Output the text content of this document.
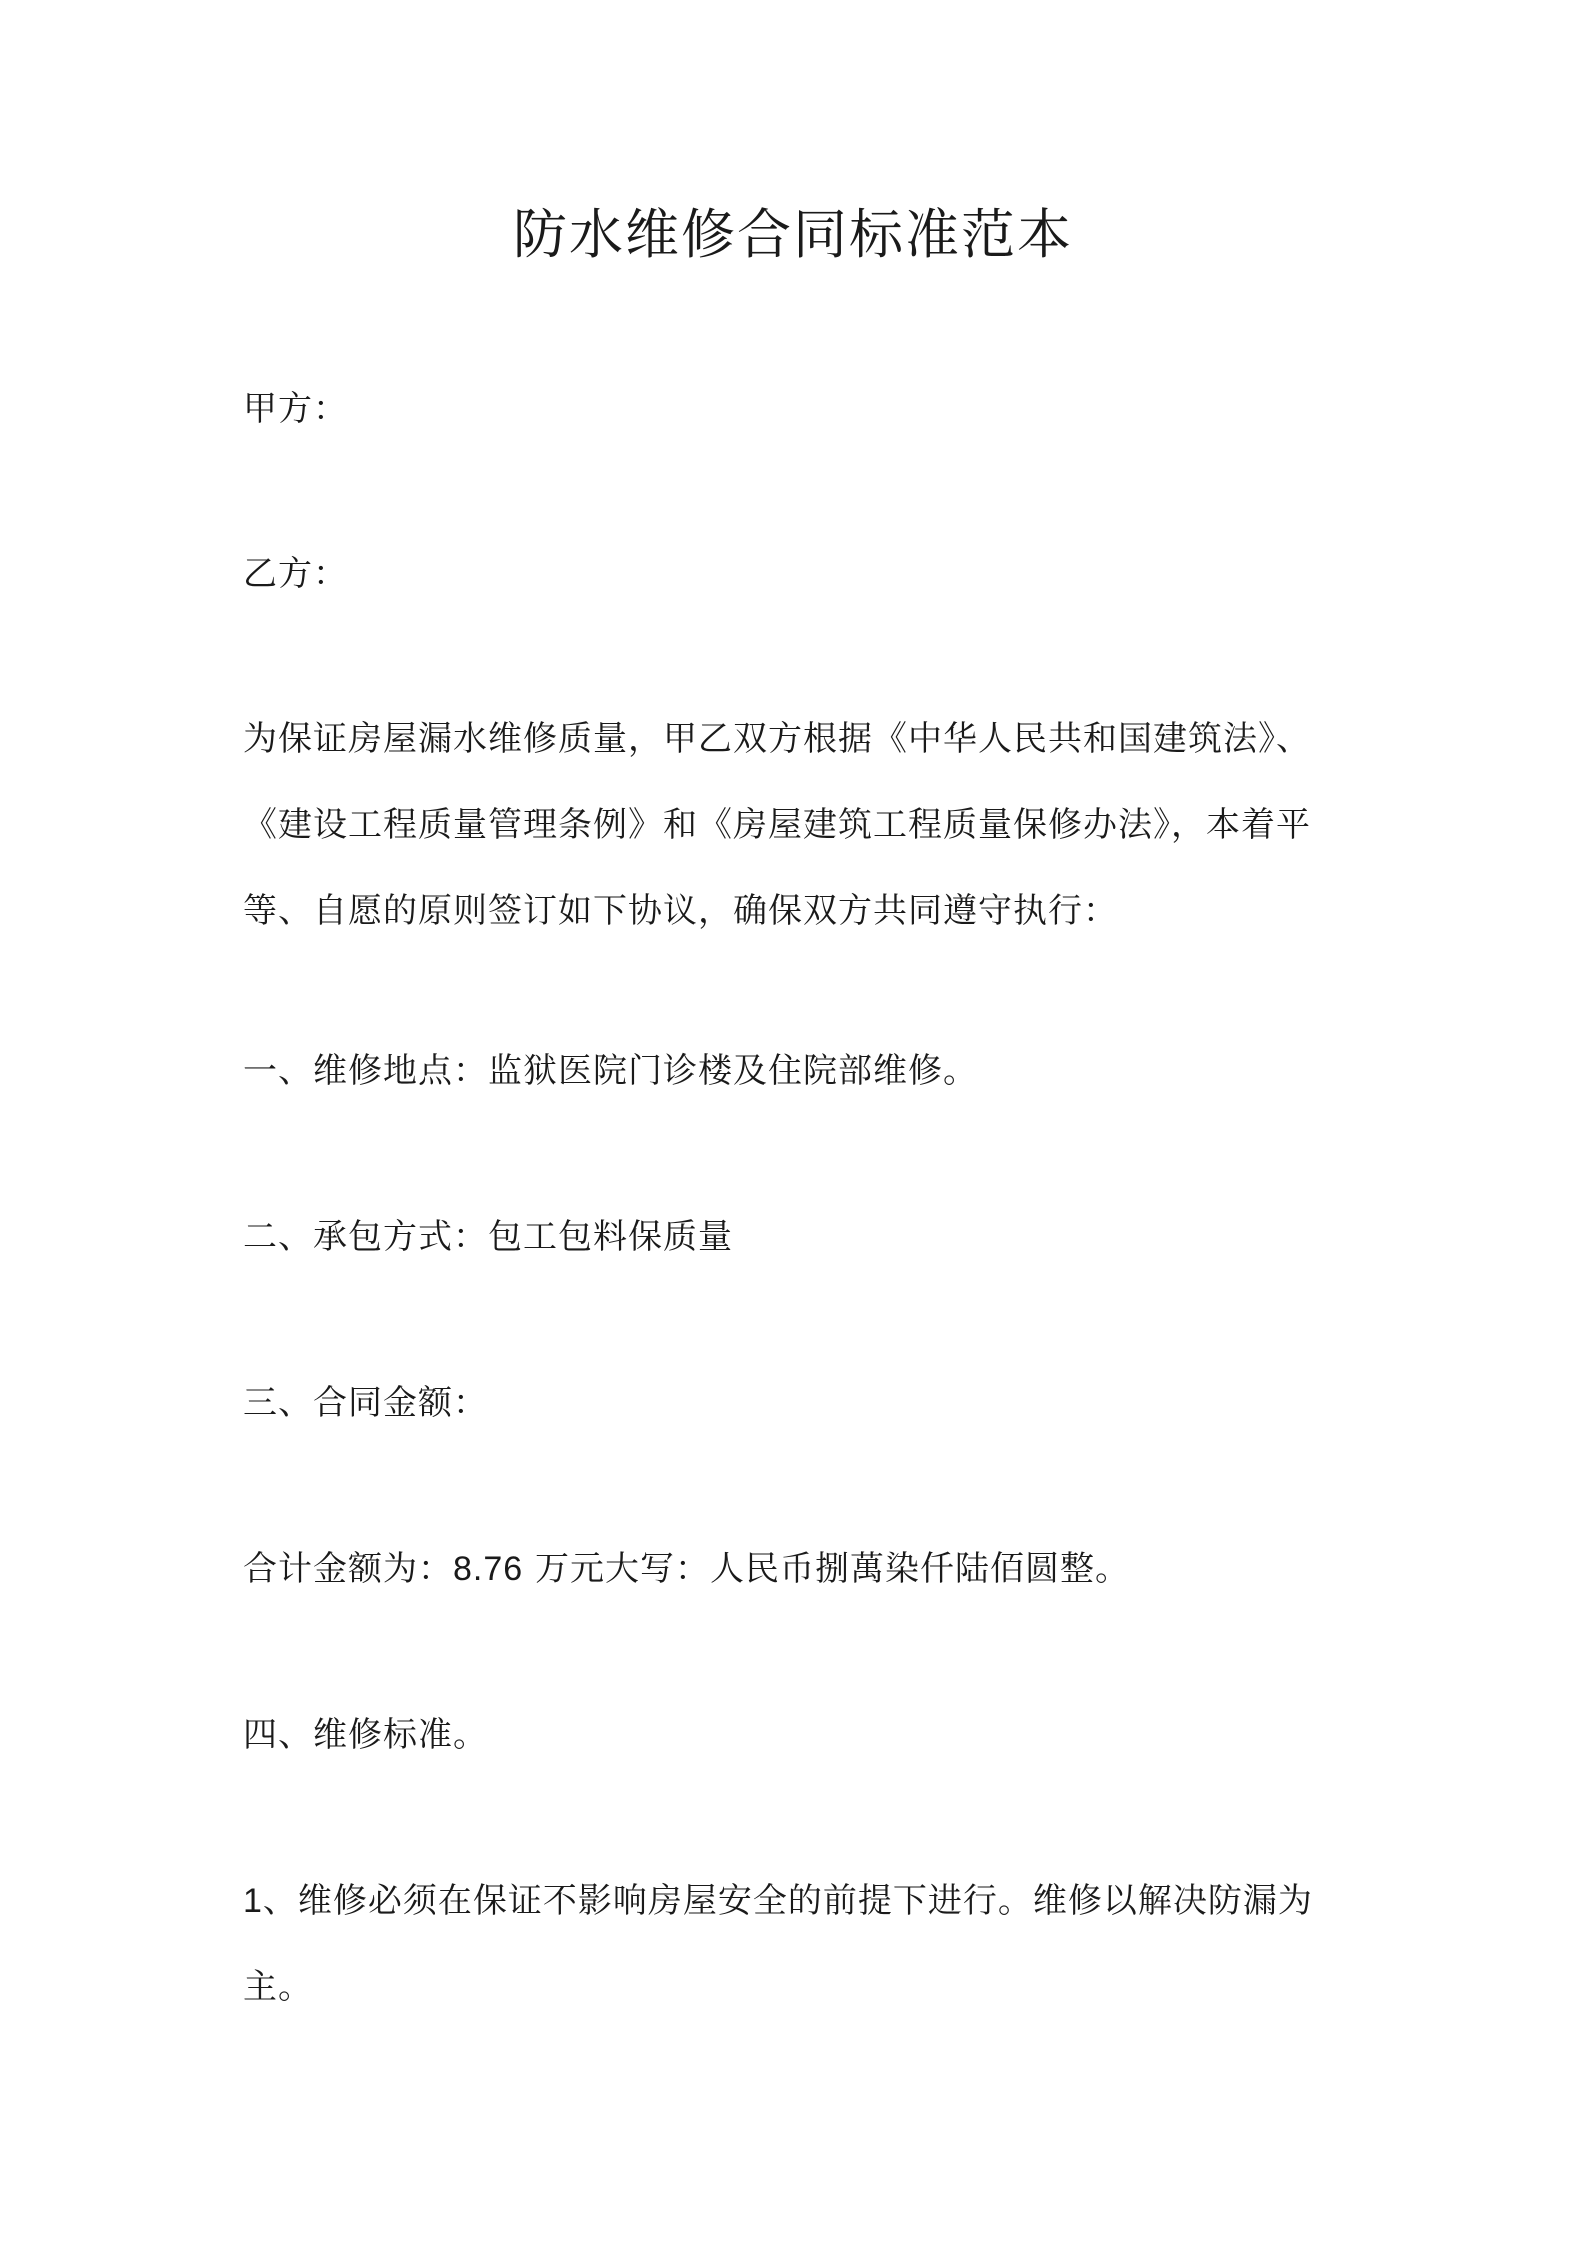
防水维修合同标准范本

甲方：

乙方：

为保证房屋漏水维修质量，甲乙双方根据《中华人民共和国建筑法》、《建设工程质量管理条例》和《房屋建筑工程质量保修办法》，本着平等、自愿的原则签订如下协议，确保双方共同遵守执行：

一、维修地点：监狱医院门诊楼及住院部维修。

二、承包方式：包工包料保质量

三、合同金额：

合计金额为：8.76 万元大写：人民币捌萬染仟陆佰圆整。

四、维修标准。

1、维修必须在保证不影响房屋安全的前提下进行。维修以解决防漏为主。
